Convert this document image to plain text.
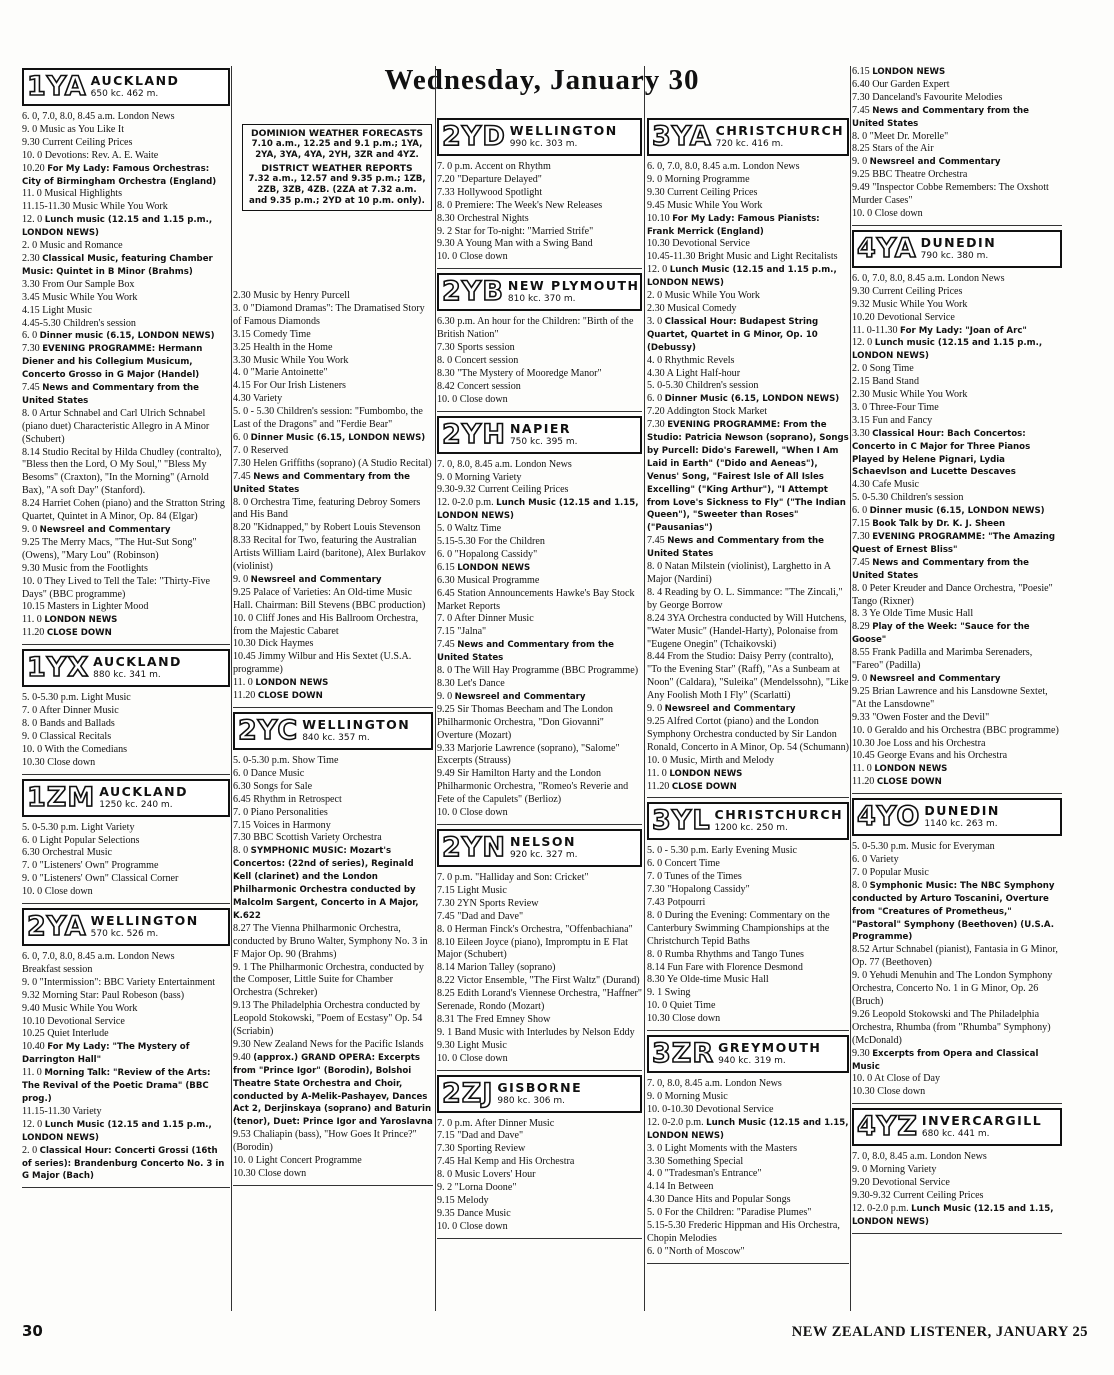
Wednesday, January 30
DOMINION WEATHER FORECASTS
7.10 a.m., 12.25 and 9.1 p.m.; 1YA, 2YA, 3YA, 4YA, 2YH, 3ZR and 4YZ.
DISTRICT WEATHER REPORTS
7.32 a.m., 12.57 and 9.35 p.m.; 1ZB, 2ZB, 3ZB, 4ZB. (2ZA at 7.32 a.m. and 9.35 p.m.; 2YD at 10 p.m. only).
1YA AUCKLAND
650 kc. 462 m.
6. 0, 7.0, 8.0, 8.45 a.m. London News
9. 0 Music as You Like It
9.30 Current Ceiling Prices
10. 0 Devotions: Rev. A. E. Waite
10.20 For My Lady: Famous Orchestras: City of Birmingham Orchestra (England)
11. 0 Musical Highlights
11.15-11.30 Music While You Work
12. 0 Lunch music (12.15 and 1.15 p.m., LONDON NEWS)
2. 0 Music and Romance
2.30 Classical Music, featuring Chamber Music: Quintet in B Minor (Brahms)
3.30 From Our Sample Box
3.45 Music While You Work
4.15 Light Music
4.45-5.30 Children's session
6. 0 Dinner music (6.15, LONDON NEWS)
7.30 EVENING PROGRAMME: Hermann Diener and his Collegium Musicum, Concerto Grosso in G Major (Handel)
7.45 News and Commentary from the United States
8. 0 Artur Schnabel and Carl Ulrich Schnabel (piano duet) Characteristic Allegro in A Minor (Schubert)
8.14 Studio Recital by Hilda Chudley (contralto), "Bless then the Lord, O My Soul," "Bless My Besoms" (Craxton), "In the Morning" (Arnold Bax), "A soft Day" (Stanford).
8.24 Harriet Cohen (piano) and the Stratton String Quartet, Quintet in A Minor, Op. 84 (Elgar)
9. 0 Newsreel and Commentary
9.25 The Merry Macs, "The Hut-Sut Song" (Owens), "Mary Lou" (Robinson)
9.30 Music from the Footlights
10. 0 They Lived to Tell the Tale: "Thirty-Five Days" (BBC programme)
10.15 Masters in Lighter Mood
11. 0 LONDON NEWS
11.20 CLOSE DOWN
1YX AUCKLAND
880 kc. 341 m.
5. 0-5.30 p.m. Light Music
7. 0 After Dinner Music
8. 0 Bands and Ballads
9. 0 Classical Recitals
10. 0 With the Comedians
10.30 Close down
1ZM AUCKLAND
1250 kc. 240 m.
5. 0-5.30 p.m. Light Variety
6. 0 Light Popular Selections
6.30 Orchestral Music
7. 0 "Listeners' Own" Programme
9. 0 "Listeners' Own" Classical Corner
10. 0 Close down
2YA WELLINGTON
570 kc. 526 m.
6. 0, 7.0, 8.0, 8.45 a.m. London News
Breakfast session
9. 0 "Intermission": BBC Variety Entertainment
9.32 Morning Star: Paul Robeson (bass)
9.40 Music While You Work
10.10 Devotional Service
10.25 Quiet Interlude
10.40 For My Lady: "The Mystery of Darrington Hall"
11. 0 Morning Talk: "Review of the Arts: The Revival of the Poetic Drama" (BBC prog.)
11.15-11.30 Variety
12. 0 Lunch Music (12.15 and 1.15 p.m., LONDON NEWS)
2. 0 Classical Hour: Concerti Grossi (16th of series): Brandenburg Concerto No. 3 in G Major (Bach)
2.30 Music by Henry Purcell
3. 0 "Diamond Dramas": The Dramatised Story of Famous Diamonds
3.15 Comedy Time
3.25 Health in the Home
3.30 Music While You Work
4. 0 "Marie Antoinette"
4.15 For Our Irish Listeners
4.30 Variety
5. 0 - 5.30 Children's session: "Fumbombo, the Last of the Dragons" and "Ferdie Bear"
6. 0 Dinner Music (6.15, LONDON NEWS)
7. 0 Reserved
7.30 Helen Griffiths (soprano) (A Studio Recital)
7.45 News and Commentary from the United States
8. 0 Orchestra Time, featuring Debroy Somers and His Band
8.20 "Kidnapped," by Robert Louis Stevenson
8.33 Recital for Two, featuring the Australian Artists William Laird (baritone), Alex Burlakov (violinist)
9. 0 Newsreel and Commentary
9.25 Palace of Varieties: An Old-time Music Hall. Chairman: Bill Stevens (BBC production)
10. 0 Cliff Jones and His Ballroom Orchestra, from the Majestic Cabaret
10.30 Dick Haymes
10.45 Jimmy Wilbur and His Sextet (U.S.A. programme)
11. 0 LONDON NEWS
11.20 CLOSE DOWN
2YC WELLINGTON
840 kc. 357 m.
5. 0-5.30 p.m. Show Time
6. 0 Dance Music
6.30 Songs for Sale
6.45 Rhythm in Retrospect
7. 0 Piano Personalities
7.15 Voices in Harmony
7.30 BBC Scottish Variety Orchestra
8. 0 SYMPHONIC MUSIC: Mozart's Concertos: (22nd of series), Reginald Kell (clarinet) and the London Philharmonic Orchestra conducted by Malcolm Sargent, Concerto in A Major, K.622
8.27 The Vienna Philharmonic Orchestra, conducted by Bruno Walter, Symphony No. 3 in F Major Op. 90 (Brahms)
9. 1 The Philharmonic Orchestra, conducted by the Composer, Little Suite for Chamber Orchestra (Schreker)
9.13 The Philadelphia Orchestra conducted by Leopold Stokowski, "Poem of Ecstasy" Op. 54 (Scriabin)
9.30 New Zealand News for the Pacific Islands
9.40 (approx.) GRAND OPERA: Excerpts from "Prince Igor" (Borodin), Bolshoi Theatre State Orchestra and Choir, conducted by A-Melik-Pashayev, Dances Act 2, Derjinskaya (soprano) and Baturin (tenor), Duet: Prince Igor and Yaroslavna
9.53 Chaliapin (bass), "How Goes It Prince?" (Borodin)
10. 0 Light Concert Programme
10.30 Close down
2YD WELLINGTON
990 kc. 303 m.
7. 0 p.m. Accent on Rhythm
7.20 "Departure Delayed"
7.33 Hollywood Spotlight
8. 0 Premiere: The Week's New Releases
8.30 Orchestral Nights
9. 2 Star for To-night: "Married Strife"
9.30 A Young Man with a Swing Band
10. 0 Close down
2YB NEW PLYMOUTH
810 kc. 370 m.
6.30 p.m. An hour for the Children: "Birth of the British Nation"
7.30 Sports session
8. 0 Concert session
8.30 "The Mystery of Mooredge Manor"
8.42 Concert session
10. 0 Close down
2YH NAPIER
750 kc. 395 m.
7. 0, 8.0, 8.45 a.m. London News
9. 0 Morning Variety
9.30-9.32 Current Ceiling Prices
12. 0-2.0 p.m. Lunch Music (12.15 and 1.15, LONDON NEWS)
5. 0 Waltz Time
5.15-5.30 For the Children
6. 0 "Hopalong Cassidy"
6.15 LONDON NEWS
6.30 Musical Programme
6.45 Station Announcements Hawke's Bay Stock Market Reports
7. 0 After Dinner Music
7.15 "Jalna"
7.45 News and Commentary from the United States
8. 0 The Will Hay Programme (BBC Programme)
8.30 Let's Dance
9. 0 Newsreel and Commentary
9.25 Sir Thomas Beecham and The London Philharmonic Orchestra, "Don Giovanni" Overture (Mozart)
9.33 Marjorie Lawrence (soprano), "Salome" Excerpts (Strauss)
9.49 Sir Hamilton Harty and the London Philharmonic Orchestra, "Romeo's Reverie and Fete of the Capulets" (Berlioz)
10. 0 Close down
2YN NELSON
920 kc. 327 m.
7. 0 p.m. "Halliday and Son: Cricket"
7.15 Light Music
7.30 2YN Sports Review
7.45 "Dad and Dave"
8. 0 Herman Finck's Orchestra, "Offenbachiana"
8.10 Eileen Joyce (piano), Impromptu in E Flat Major (Schubert)
8.14 Marion Talley (soprano)
8.22 Victor Ensemble, "The First Waltz" (Durand)
8.25 Edith Lorand's Viennese Orchestra, "Haffner" Serenade, Rondo (Mozart)
8.31 The Fred Emney Show
9. 1 Band Music with Interludes by Nelson Eddy
9.30 Light Music
10. 0 Close down
2ZJ GISBORNE
980 kc. 306 m.
7. 0 p.m. After Dinner Music
7.15 "Dad and Dave"
7.30 Sporting Review
7.45 Hal Kemp and His Orchestra
8. 0 Music Lovers' Hour
9. 2 "Lorna Doone"
9.15 Melody
9.35 Dance Music
10. 0 Close down
3YA CHRISTCHURCH
720 kc. 416 m.
6. 0, 7.0, 8.0, 8.45 a.m. London News
9. 0 Morning Programme
9.30 Current Ceiling Prices
9.45 Music While You Work
10.10 For My Lady: Famous Pianists: Frank Merrick (England)
10.30 Devotional Service
10.45-11.30 Bright Music and Light Recitalists
12. 0 Lunch Music (12.15 and 1.15 p.m., LONDON NEWS)
2. 0 Music While You Work
2.30 Musical Comedy
3. 0 Classical Hour: Budapest String Quartet, Quartet in G Minor, Op. 10 (Debussy)
4. 0 Rhythmic Revels
4.30 A Light Half-hour
5. 0-5.30 Children's session
6. 0 Dinner Music (6.15, LONDON NEWS)
7.20 Addington Stock Market
7.30 EVENING PROGRAMME: From the Studio: Patricia Newson (soprano), Songs by Purcell: Dido's Farewell, "When I Am Laid in Earth" ("Dido and Aeneas"), Venus' Song, "Fairest Isle of All Isles Excelling" ("King Arthur"), "I Attempt from Love's Sickness to Fly" ("The Indian Queen"), "Sweeter than Roses" ("Pausanias")
7.45 News and Commentary from the United States
8. 0 Natan Milstein (violinist), Larghetto in A Major (Nardini)
8. 4 Reading by O. L. Simmance: "The Zincali," by George Borrow
8.24 3YA Orchestra conducted by Will Hutchens, "Water Music" (Handel-Harty), Polonaise from "Eugene Onegin" (Tchaikovski)
8.44 From the Studio: Daisy Perry (contralto), "To the Evening Star" (Raff), "As a Sunbeam at Noon" (Caldara), "Suleika" (Mendelssohn), "Like Any Foolish Moth I Fly" (Scarlatti)
9. 0 Newsreel and Commentary
9.25 Alfred Cortot (piano) and the London Symphony Orchestra conducted by Sir Landon Ronald, Concerto in A Minor, Op. 54 (Schumann)
10. 0 Music, Mirth and Melody
11. 0 LONDON NEWS
11.20 CLOSE DOWN
3YL CHRISTCHURCH
1200 kc. 250 m.
5. 0 - 5.30 p.m. Early Evening Music
6. 0 Concert Time
7. 0 Tunes of the Times
7.30 "Hopalong Cassidy"
7.43 Potpourri
8. 0 During the Evening: Commentary on the Canterbury Swimming Championships at the Christchurch Tepid Baths
8. 0 Rumba Rhythms and Tango Tunes
8.14 Fun Fare with Florence Desmond
8.30 Ye Olde-time Music Hall
9. 1 Swing
10. 0 Quiet Time
10.30 Close down
3ZR GREYMOUTH
940 kc. 319 m.
7. 0, 8.0, 8.45 a.m. London News
9. 0 Morning Music
10. 0-10.30 Devotional Service
12. 0-2.0 p.m. Lunch Music (12.15 and 1.15, LONDON NEWS)
3. 0 Light Moments with the Masters
3.30 Something Special
4. 0 "Tradesman's Entrance"
4.14 In Between
4.30 Dance Hits and Popular Songs
5. 0 For the Children: "Paradise Plumes"
5.15-5.30 Frederic Hippman and His Orchestra, Chopin Melodies
6. 0 "North of Moscow"
6.15 LONDON NEWS
6.40 Our Garden Expert
7.30 Danceland's Favourite Melodies
7.45 News and Commentary from the United States
8. 0 "Meet Dr. Morelle"
8.25 Stars of the Air
9. 0 Newsreel and Commentary
9.25 BBC Theatre Orchestra
9.49 "Inspector Cobbe Remembers: The Oxshott Murder Cases"
10. 0 Close down
4YA DUNEDIN
790 kc. 380 m.
6. 0, 7.0, 8.0, 8.45 a.m. London News
9.30 Current Ceiling Prices
9.32 Music While You Work
10.20 Devotional Service
11. 0-11.30 For My Lady: "Joan of Arc"
12. 0 Lunch music (12.15 and 1.15 p.m., LONDON NEWS)
2. 0 Song Time
2.15 Band Stand
2.30 Music While You Work
3. 0 Three-Four Time
3.15 Fun and Fancy
3.30 Classical Hour: Bach Concertos: Concerto in C Major for Three Pianos Played by Helene Pignari, Lydia Schaevlson and Lucette Descaves
4.30 Cafe Music
5. 0-5.30 Children's session
6. 0 Dinner music (6.15, LONDON NEWS)
7.15 Book Talk by Dr. K. J. Sheen
7.30 EVENING PROGRAMME: "The Amazing Quest of Ernest Bliss"
7.45 News and Commentary from the United States
8. 0 Peter Kreuder and Dance Orchestra, "Poesie" Tango (Rixner)
8. 3 Ye Olde Time Music Hall
8.29 Play of the Week: "Sauce for the Goose"
8.55 Frank Padilla and Marimba Serenaders, "Fareo" (Padilla)
9. 0 Newsreel and Commentary
9.25 Brian Lawrence and his Lansdowne Sextet, "At the Lansdowne"
9.33 "Owen Foster and the Devil"
10. 0 Geraldo and his Orchestra (BBC programme)
10.30 Joe Loss and his Orchestra
10.45 George Evans and his Orchestra
11. 0 LONDON NEWS
11.20 CLOSE DOWN
4YO DUNEDIN
1140 kc. 263 m.
5. 0-5.30 p.m. Music for Everyman
6. 0 Variety
7. 0 Popular Music
8. 0 Symphonic Music: The NBC Symphony conducted by Arturo Toscanini, Overture from "Creatures of Prometheus," "Pastoral" Symphony (Beethoven) (U.S.A. Programme)
8.52 Artur Schnabel (pianist), Fantasia in G Minor, Op. 77 (Beethoven)
9. 0 Yehudi Menuhin and The London Symphony Orchestra, Concerto No. 1 in G Minor, Op. 26 (Bruch)
9.26 Leopold Stokowski and The Philadelphia Orchestra, Rhumba (from "Rhumba" Symphony) (McDonald)
9.30 Excerpts from Opera and Classical Music
10. 0 At Close of Day
10.30 Close down
4YZ INVERCARGILL
680 kc. 441 m.
7. 0, 8.0, 8.45 a.m. London News
9. 0 Morning Variety
9.20 Devotional Service
9.30-9.32 Current Ceiling Prices
12. 0-2.0 p.m. Lunch Music (12.15 and 1.15, LONDON NEWS)
30	NEW ZEALAND LISTENER, JANUARY 25
